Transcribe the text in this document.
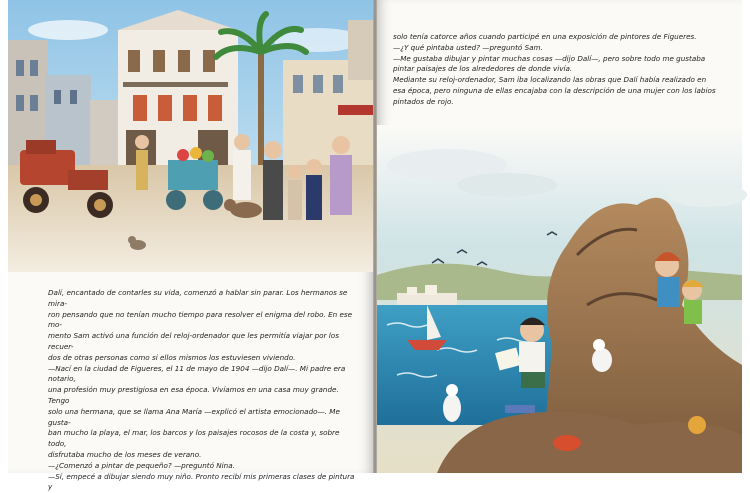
Dalí, encantado de contarles su vida, comenzó a hablar sin parar. Los hermanos se mira-

ron pensando que no tenían mucho tiempo para resolver el enigma del robo. En ese mo-

mento Sam activó una función del reloj-ordenador que les permitía viajar por los recuer-

dos de otras personas como si ellos mismos los estuviesen viviendo.

—Nací en la ciudad de Figueres, el 11 de mayo de 1904 —dijo Dalí—. Mi padre era notario,

una profesión muy prestigiosa en esa época. Vivíamos en una casa muy grande. Tengo

solo una hermana, que se llama Ana María —explicó el artista emocionado—. Me gusta-

ban mucho la playa, el mar, los barcos y los paisajes rocosos de la costa y, sobre todo,

disfrutaba mucho de los meses de verano.

—¿Comenzó a pintar de pequeño? —preguntó Nina.

—Sí, empecé a dibujar siendo muy niño. Pronto recibí mis primeras clases de pintura y

solo tenía catorce años cuando participé en una exposición de pintores de Figueres.

—¿Y qué pintaba usted? —preguntó Sam.

—Me gustaba dibujar y pintar muchas cosas —dijo Dalí—, pero sobre todo me gustaba

pintar paisajes de los alrededores de donde vivía.

Mediante su reloj-ordenador, Sam iba localizando las obras que Dalí había realizado en

esa época, pero ninguna de ellas encajaba con la descripción de una mujer con los labios

pintados de rojo.
